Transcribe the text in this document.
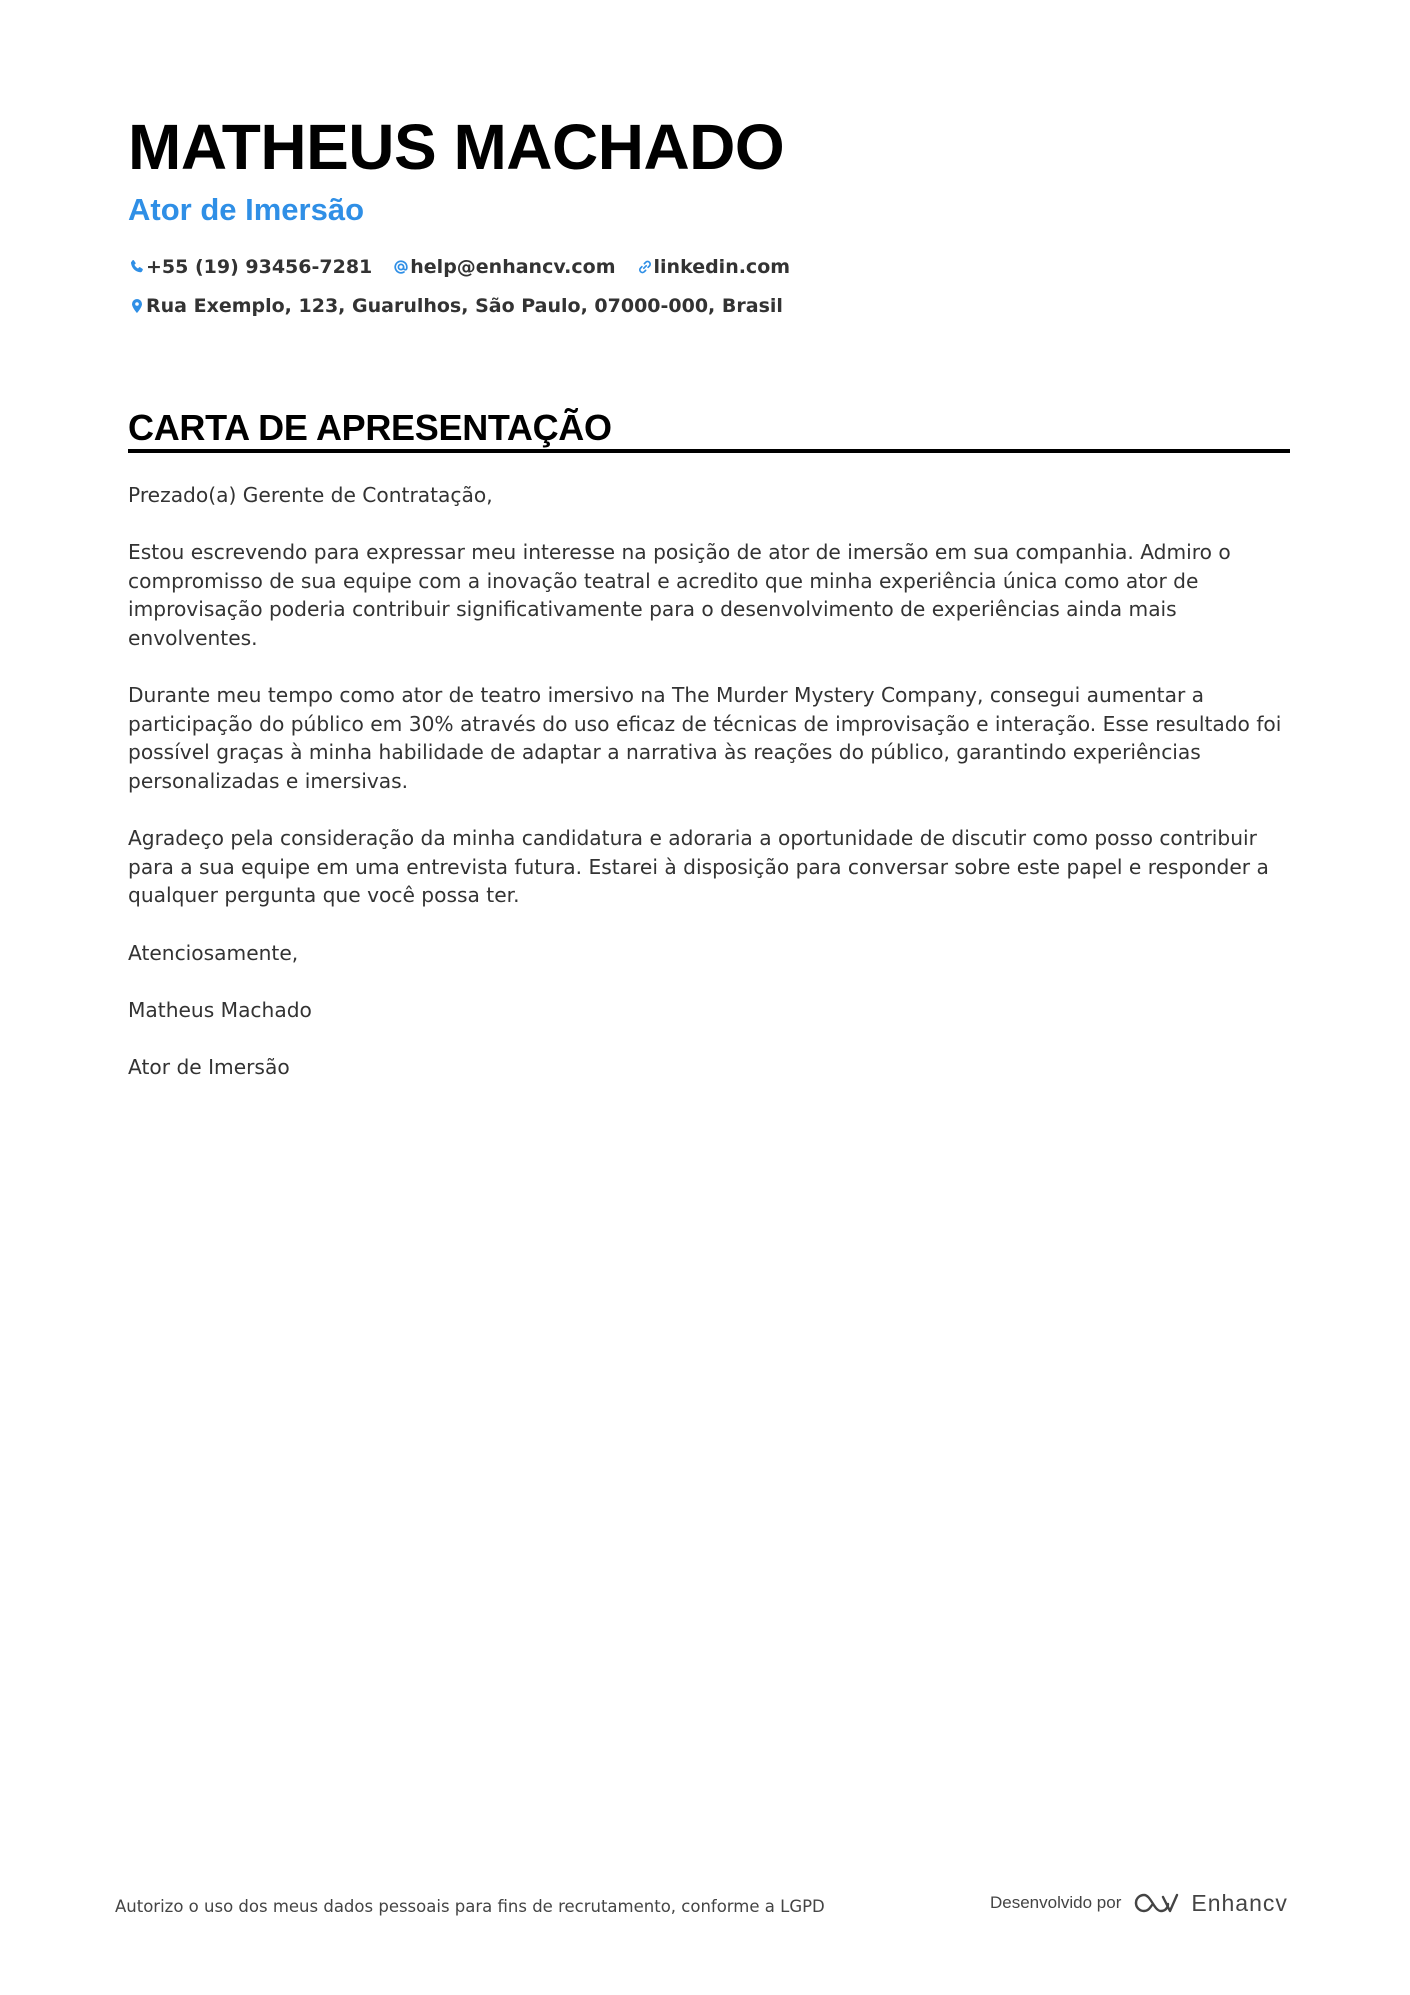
MATHEUS MACHADO
Ator de Imersão
+55 (19) 93456-7281 help@enhancv.com linkedin.com
Rua Exemplo, 123, Guarulhos, São Paulo, 07000-000, Brasil
CARTA DE APRESENTAÇÃO

Prezado(a) Gerente de Contratação,

Estou escrevendo para expressar meu interesse na posição de ator de imersão em sua companhia. Admiro o compromisso de sua equipe com a inovação teatral e acredito que minha experiência única como ator de improvisação poderia contribuir significativamente para o desenvolvimento de experiências ainda mais envolventes.

Durante meu tempo como ator de teatro imersivo na The Murder Mystery Company, consegui aumentar a participação do público em 30% através do uso eficaz de técnicas de improvisação e interação. Esse resultado foi possível graças à minha habilidade de adaptar a narrativa às reações do público, garantindo experiências personalizadas e imersivas.

Agradeço pela consideração da minha candidatura e adoraria a oportunidade de discutir como posso contribuir para a sua equipe em uma entrevista futura. Estarei à disposição para conversar sobre este papel e responder a qualquer pergunta que você possa ter.

Atenciosamente,

Matheus Machado

Ator de Imersão

Autorizo o uso dos meus dados pessoais para fins de recrutamento, conforme a LGPD	Desenvolvido por	Enhancv
